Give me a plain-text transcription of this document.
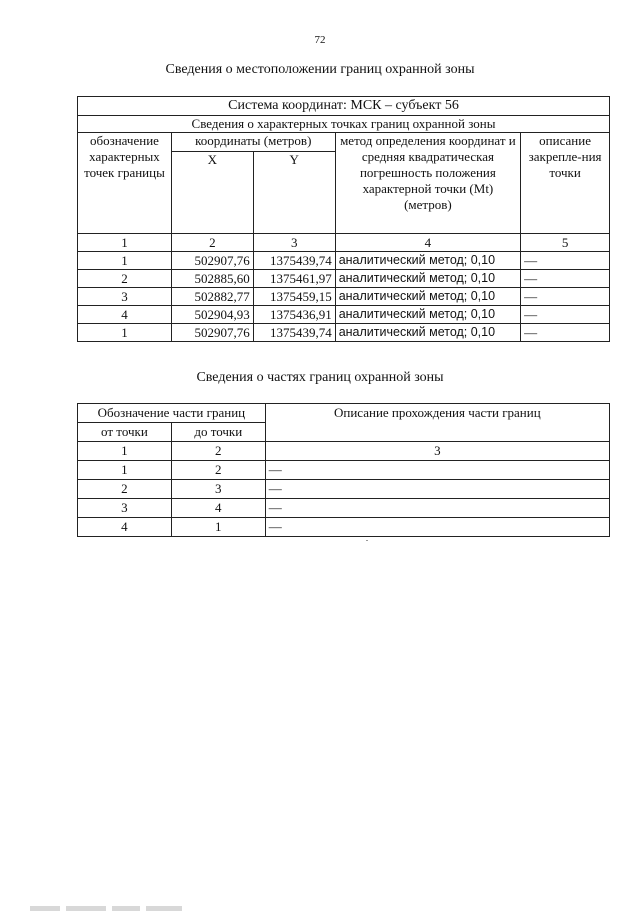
72
Сведения о местоположении границ охранной зоны
Система координат: МСК – субъект 56				
Сведения о характерных точках границ охранной зоны				
обозначение характерных точек границы	координаты (метров)		метод определения координат и средняя квадратическая погрешность положения характерной точки (Mt) (метров)	описание закрепле-ния точки
	X	Y		
1	2	3	4	5
1	502907,76	1375439,74	аналитический метод; 0,10	—
2	502885,60	1375461,97	аналитический метод; 0,10	—
3	502882,77	1375459,15	аналитический метод; 0,10	—
4	502904,93	1375436,91	аналитический метод; 0,10	—
1	502907,76	1375439,74	аналитический метод; 0,10	—
Сведения о частях границ охранной зоны
Обозначение части границ		Описание прохождения части границ
от точки	до точки	
1	2	3
1	2	—
2	3	—
3	4	—
4	1	—
